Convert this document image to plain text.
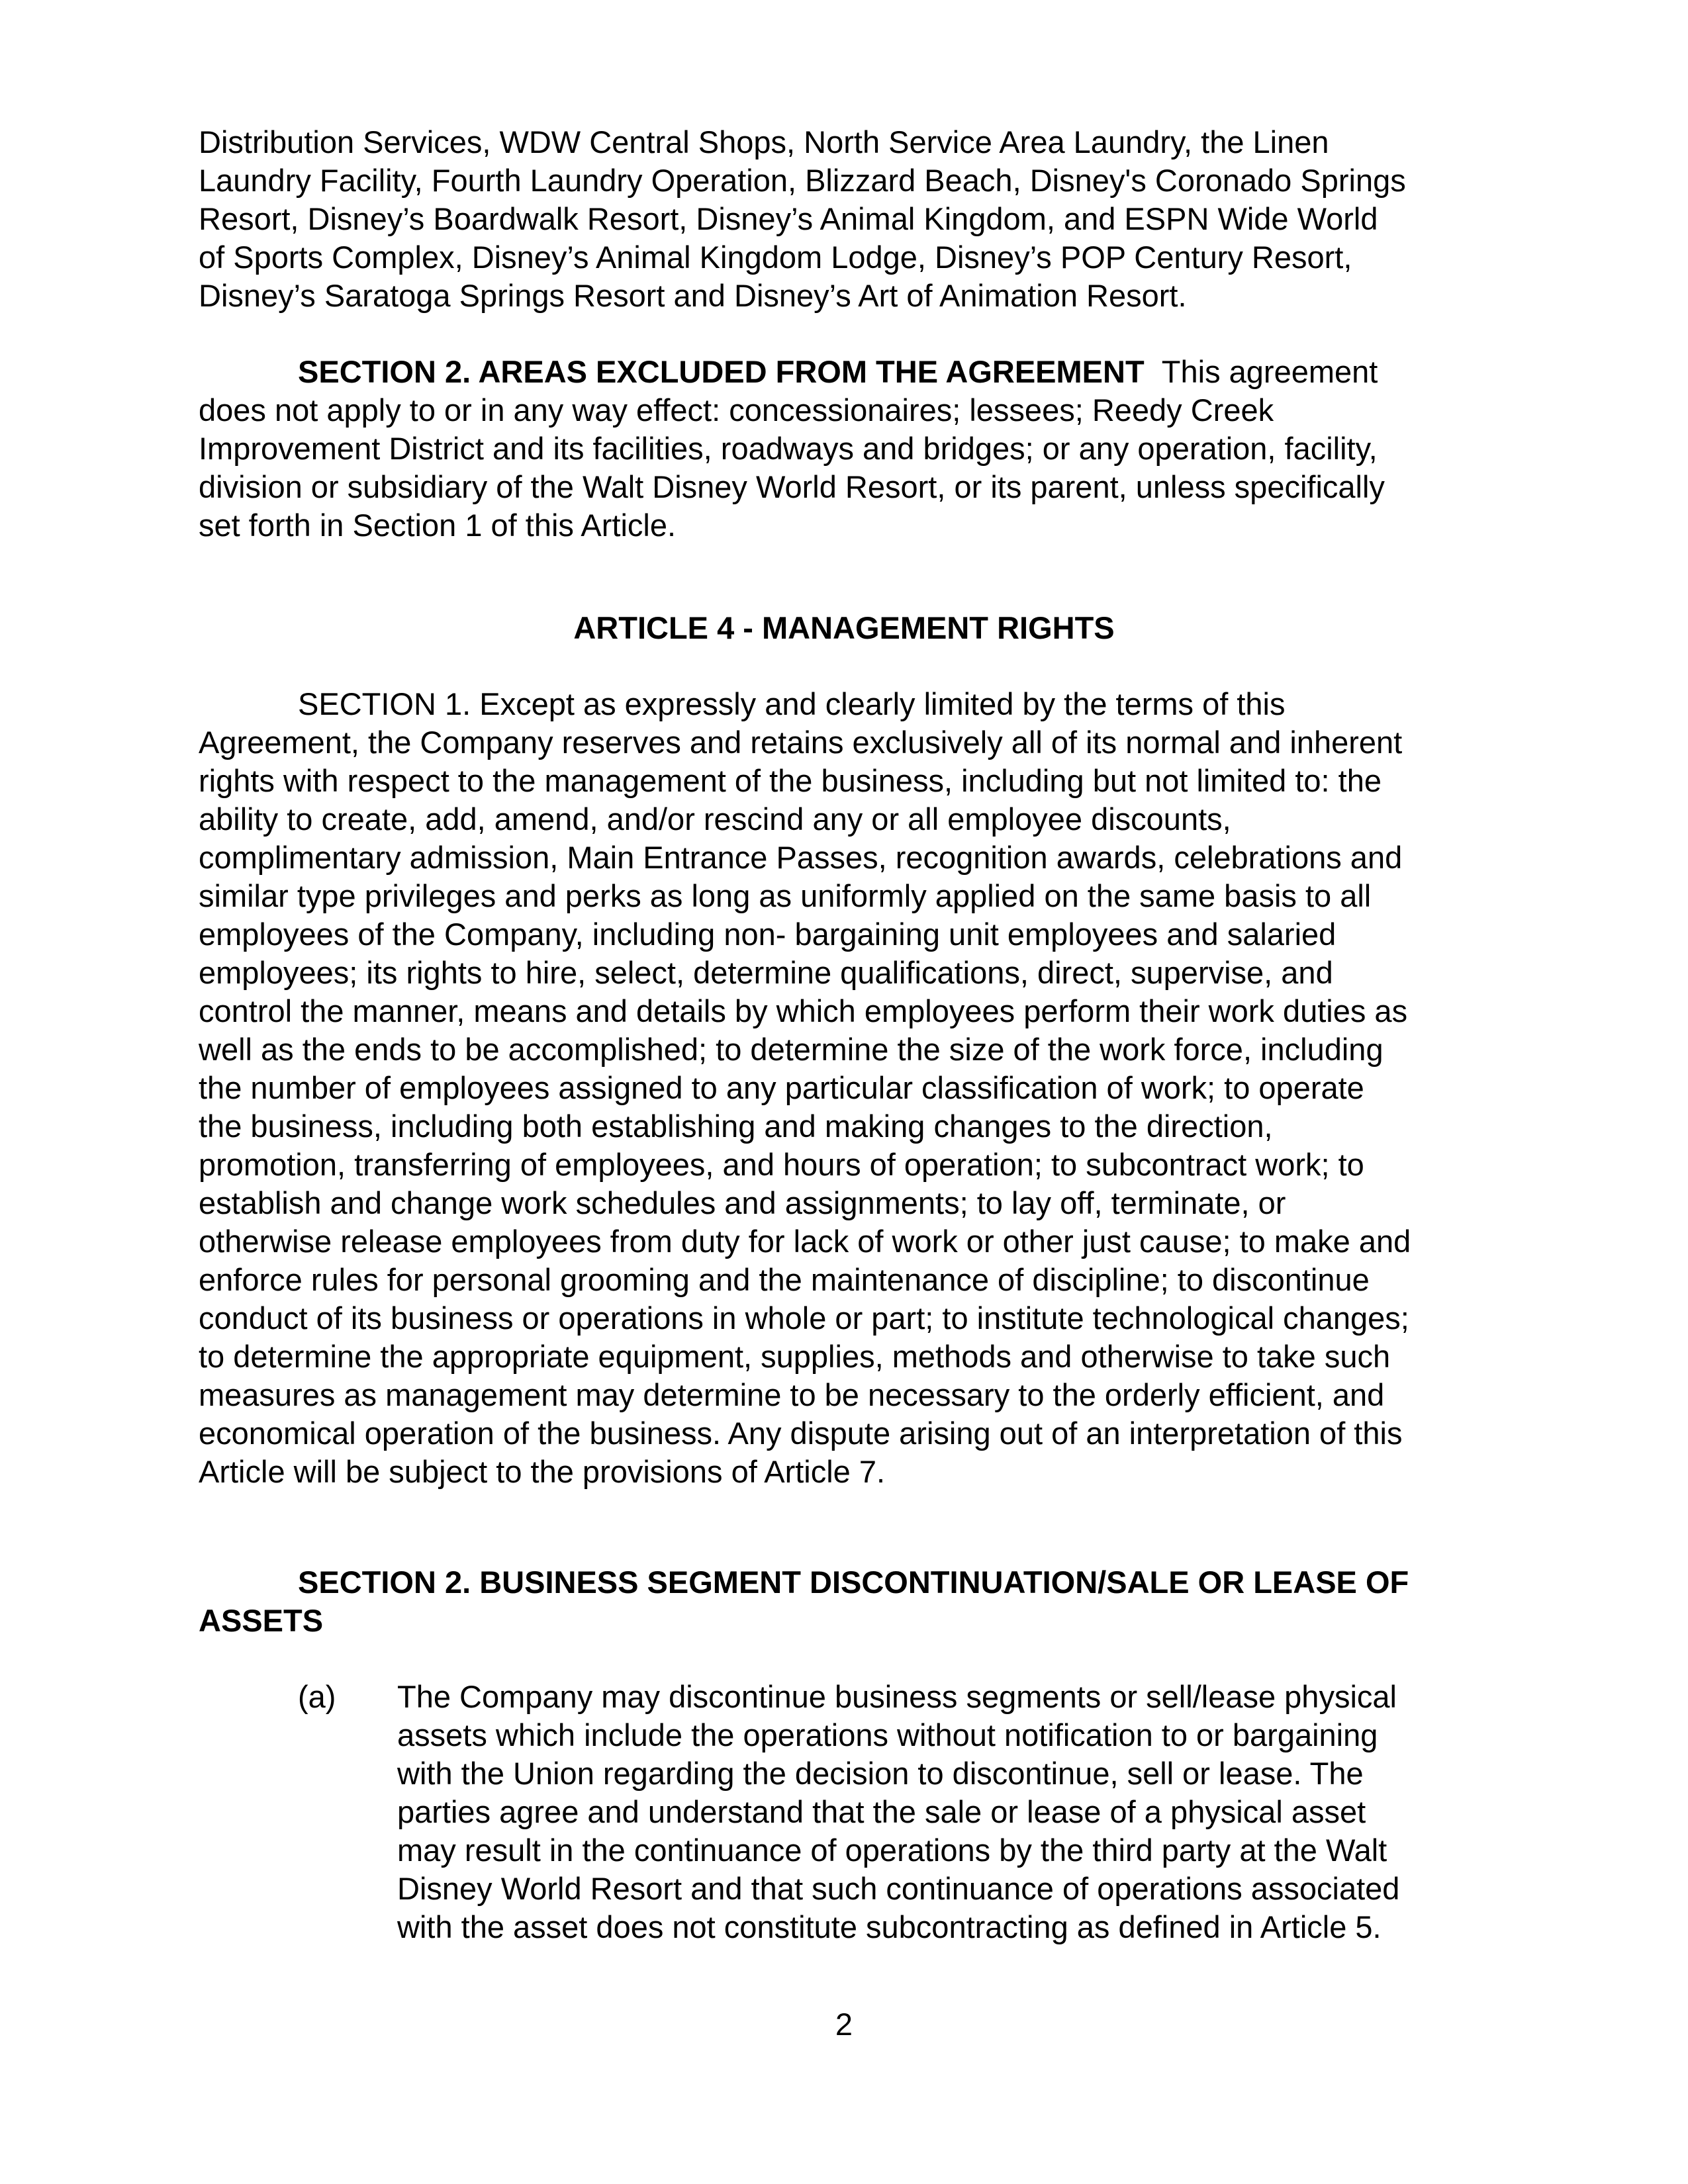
Distribution Services, WDW Central Shops, North Service Area Laundry, the Linen
Laundry Facility, Fourth Laundry Operation, Blizzard Beach, Disney's Coronado Springs
Resort, Disney’s Boardwalk Resort, Disney’s Animal Kingdom, and ESPN Wide World
of Sports Complex, Disney’s Animal Kingdom Lodge, Disney’s POP Century Resort,
Disney’s Saratoga Springs Resort and Disney’s Art of Animation Resort.
SECTION 2. AREAS EXCLUDED FROM THE AGREEMENT This agreement
does not apply to or in any way effect: concessionaires; lessees; Reedy Creek
Improvement District and its facilities, roadways and bridges; or any operation, facility,
division or subsidiary of the Walt Disney World Resort, or its parent, unless specifically
set forth in Section 1 of this Article.
ARTICLE 4 - MANAGEMENT RIGHTS
SECTION 1. Except as expressly and clearly limited by the terms of this
Agreement, the Company reserves and retains exclusively all of its normal and inherent
rights with respect to the management of the business, including but not limited to: the
ability to create, add, amend, and/or rescind any or all employee discounts,
complimentary admission, Main Entrance Passes, recognition awards, celebrations and
similar type privileges and perks as long as uniformly applied on the same basis to all
employees of the Company, including non- bargaining unit employees and salaried
employees; its rights to hire, select, determine qualifications, direct, supervise, and
control the manner, means and details by which employees perform their work duties as
well as the ends to be accomplished; to determine the size of the work force, including
the number of employees assigned to any particular classification of work; to operate
the business, including both establishing and making changes to the direction,
promotion, transferring of employees, and hours of operation; to subcontract work; to
establish and change work schedules and assignments; to lay off, terminate, or
otherwise release employees from duty for lack of work or other just cause; to make and
enforce rules for personal grooming and the maintenance of discipline; to discontinue
conduct of its business or operations in whole or part; to institute technological changes;
to determine the appropriate equipment, supplies, methods and otherwise to take such
measures as management may determine to be necessary to the orderly efficient, and
economical operation of the business. Any dispute arising out of an interpretation of this
Article will be subject to the provisions of Article 7.
SECTION 2. BUSINESS SEGMENT DISCONTINUATION/SALE OR LEASE OF
ASSETS
(a) The Company may discontinue business segments or sell/lease physical
assets which include the operations without notification to or bargaining
with the Union regarding the decision to discontinue, sell or lease. The
parties agree and understand that the sale or lease of a physical asset
may result in the continuance of operations by the third party at the Walt
Disney World Resort and that such continuance of operations associated
with the asset does not constitute subcontracting as defined in Article 5.
2
